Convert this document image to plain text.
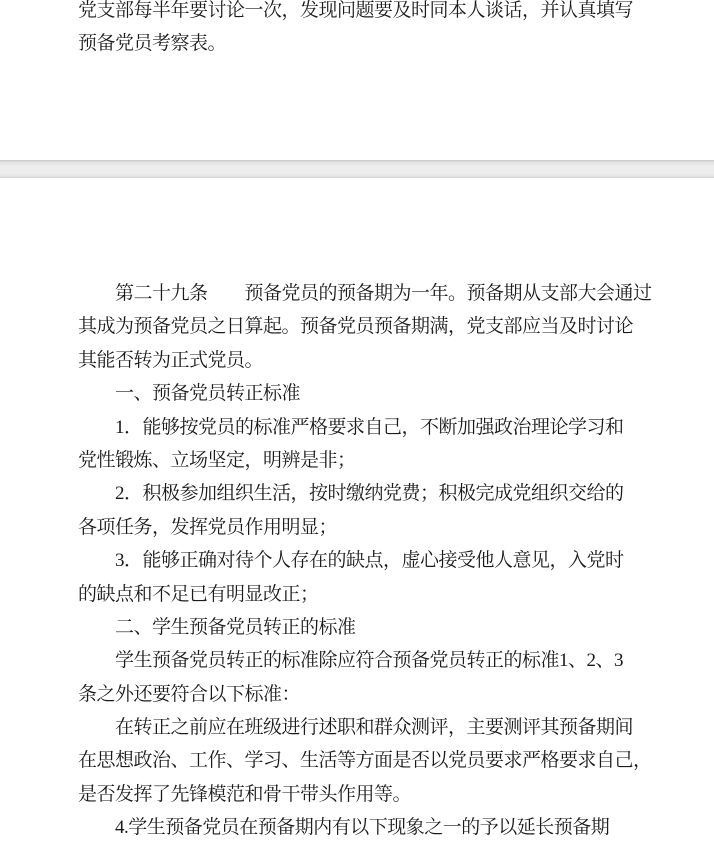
党支部每半年要讨论一次，发现问题要及时同本人谈话，并认真填写
预备党员考察表。
　　第二十九条　　预备党员的预备期为一年。预备期从支部大会通过
其成为预备党员之日算起。预备党员预备期满，党支部应当及时讨论
其能否转为正式党员。
　　一、预备党员转正标准
　　1．能够按党员的标准严格要求自己，不断加强政治理论学习和
党性锻炼、立场坚定，明辨是非；
　　2．积极参加组织生活，按时缴纳党费；积极完成党组织交给的
各项任务，发挥党员作用明显；
　　3．能够正确对待个人存在的缺点，虚心接受他人意见，入党时
的缺点和不足已有明显改正；
　　二、学生预备党员转正的标准
　　学生预备党员转正的标准除应符合预备党员转正的标准1、2、3
条之外还要符合以下标准：
　　在转正之前应在班级进行述职和群众测评，主要测评其预备期间
在思想政治、工作、学习、生活等方面是否以党员要求严格要求自己，
是否发挥了先锋模范和骨干带头作用等。
　　4.学生预备党员在预备期内有以下现象之一的予以延长预备期
